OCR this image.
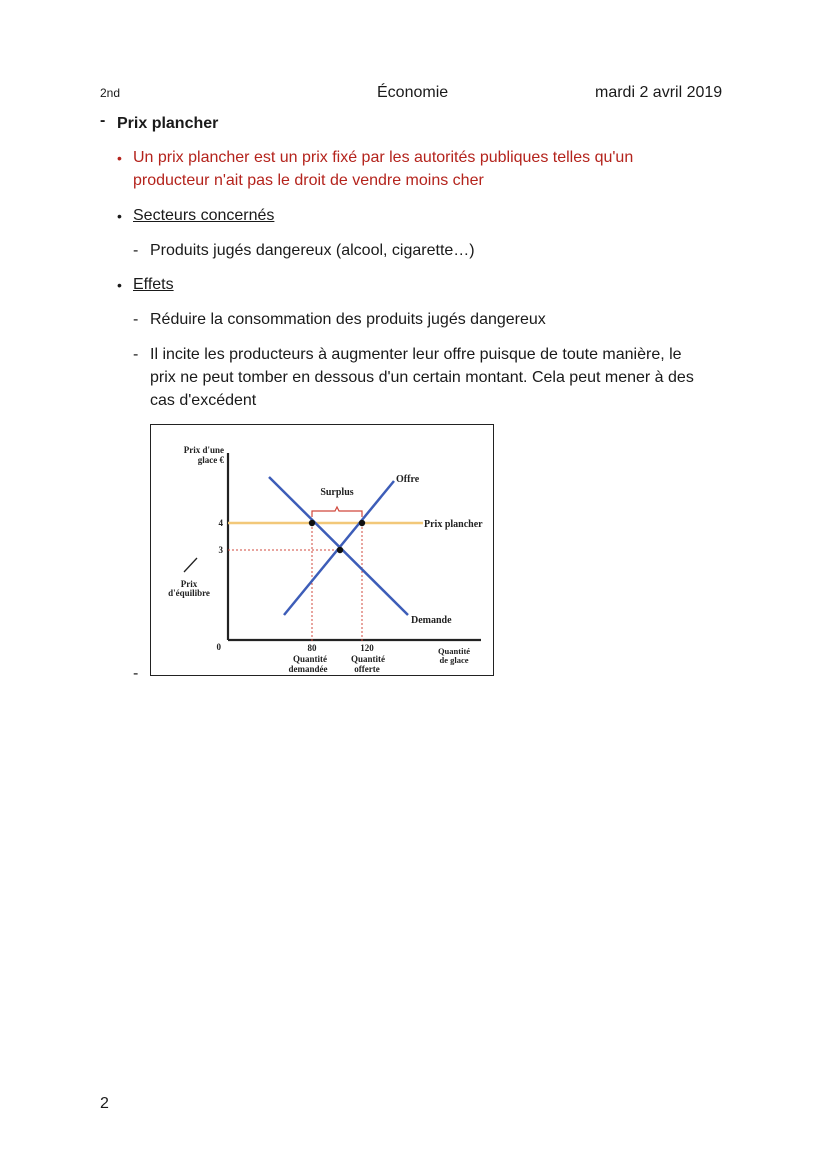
2nd	Économie	mardi 2 avril 2019
- Prix plancher
• Un prix plancher est un prix fixé par les autorités publiques telles qu'un
producteur n'ait pas le droit de vendre moins cher
• Secteurs concernés
- Produits jugés dangereux (alcool, cigarette…)
• Effets
- Réduire la consommation des produits jugés dangereux
- Il incite les producteurs à augmenter leur offre puisque de toute manière, le
prix ne peut tomber en dessous d'un certain montant. Cela peut mener à des
cas d'excédent
-
Prix d'une
glace €
Offre
Surplus
Prix plancher
Demande
4
3
0
Prix
d'équilibre
80
Quantité
demandée
120
Quantité
offerte
Quantité
de glace
2
